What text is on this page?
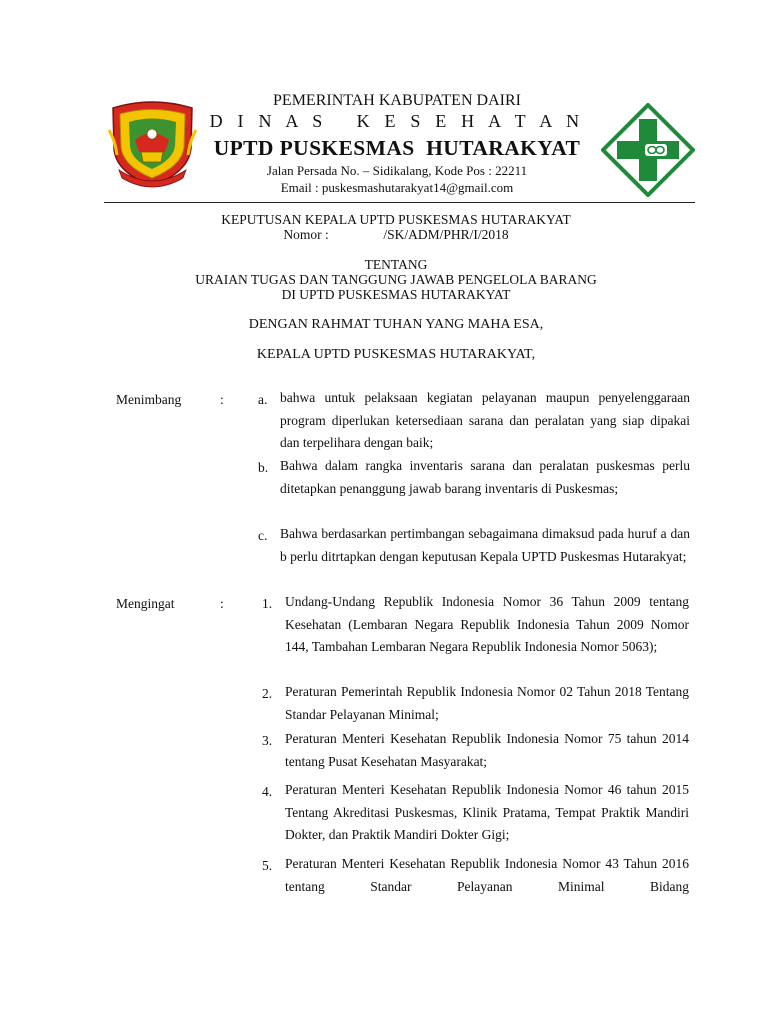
PEMERINTAH KABUPATEN DAIRI
D I N A S   K E S E H A T A N
UPTD PUSKESMAS  HUTARAKYAT
Jalan Persada No. – Sidikalang, Kode Pos : 22211
Email : puskesmashutarakyat14@gmail.com
KEPUTUSAN KEPALA UPTD PUSKESMAS HUTARAKYAT
Nomor :	/SK/ADM/PHR/I/2018
TENTANG
URAIAN TUGAS DAN TANGGUNG JAWAB PENGELOLA BARANG
DI UPTD PUSKESMAS HUTARAKYAT
DENGAN RAHMAT TUHAN YANG MAHA ESA,
KEPALA UPTD PUSKESMAS HUTARAKYAT,
Menimbang	:	a. bahwa untuk pelaksaan kegiatan pelayanan maupun penyelenggaraan program diperlukan ketersediaan sarana dan peralatan yang siap dipakai dan terpelihara dengan baik;
b. Bahwa dalam rangka inventaris sarana dan peralatan puskesmas perlu ditetapkan penanggung jawab barang inventaris di Puskesmas;
c. Bahwa berdasarkan pertimbangan sebagaimana dimaksud pada huruf a dan b perlu ditrtapkan dengan keputusan Kepala UPTD Puskesmas Hutarakyat;
Mengingat	:	1. Undang-Undang Republik Indonesia Nomor 36 Tahun 2009 tentang Kesehatan (Lembaran Negara Republik Indonesia Tahun 2009 Nomor 144, Tambahan Lembaran Negara Republik Indonesia Nomor 5063);
2. Peraturan Pemerintah Republik Indonesia Nomor 02 Tahun 2018 Tentang Standar Pelayanan Minimal;
3. Peraturan Menteri Kesehatan Republik Indonesia Nomor 75 tahun 2014 tentang Pusat Kesehatan Masyarakat;
4. Peraturan Menteri Kesehatan Republik Indonesia Nomor 46 tahun 2015 Tentang Akreditasi Puskesmas, Klinik Pratama, Tempat Praktik Mandiri Dokter, dan Praktik Mandiri Dokter Gigi;
5. Peraturan Menteri Kesehatan Republik Indonesia Nomor 43 Tahun 2016 tentang Standar Pelayanan Minimal Bidang
